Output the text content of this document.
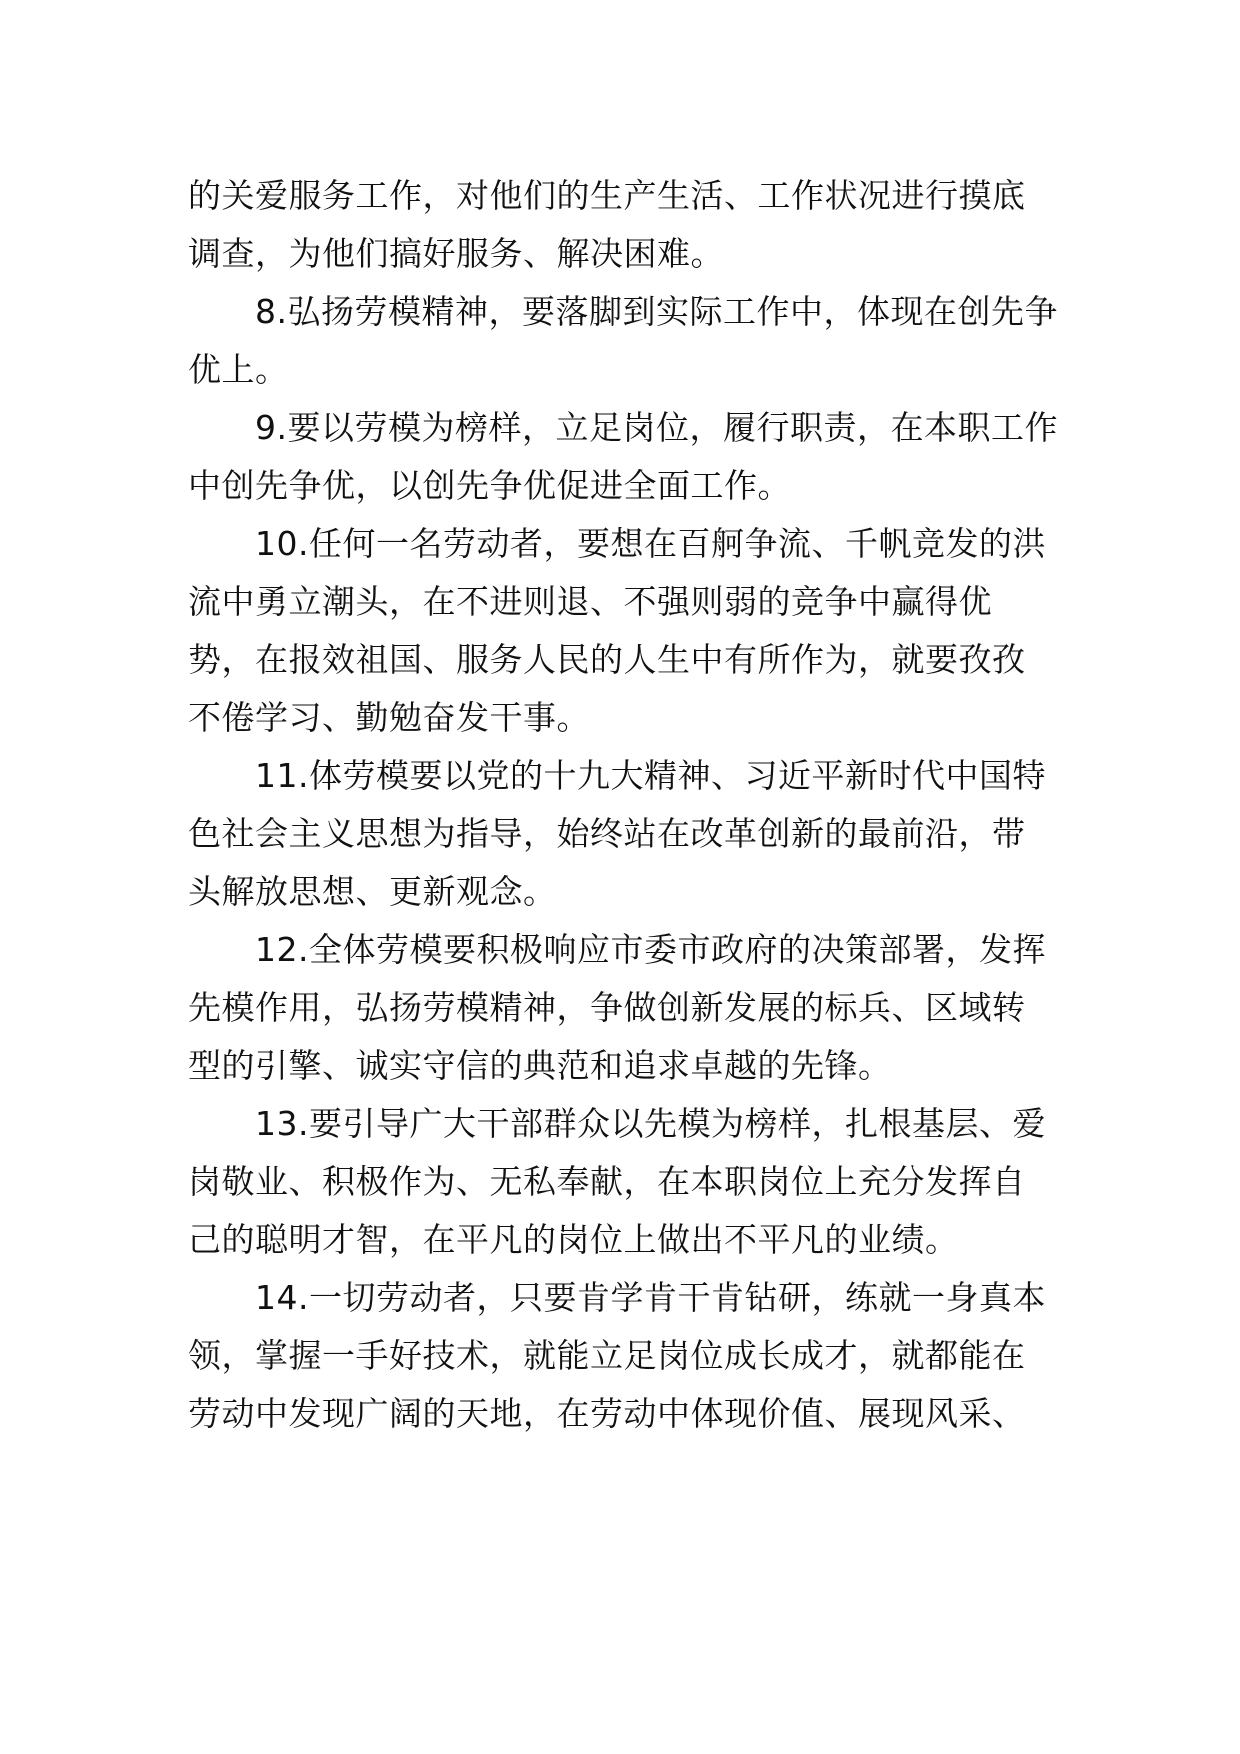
的关爱服务工作，对他们的生产生活、工作状况进行摸底
调查，为他们搞好服务、解决困难。
8.弘扬劳模精神，要落脚到实际工作中，体现在创先争
优上。
9.要以劳模为榜样，立足岗位，履行职责，在本职工作
中创先争优，以创先争优促进全面工作。
10.任何一名劳动者，要想在百舸争流、千帆竞发的洪
流中勇立潮头，在不进则退、不强则弱的竞争中赢得优
势，在报效祖国、服务人民的人生中有所作为，就要孜孜
不倦学习、勤勉奋发干事。
11.体劳模要以党的十九大精神、习近平新时代中国特
色社会主义思想为指导，始终站在改革创新的最前沿，带
头解放思想、更新观念。
12.全体劳模要积极响应市委市政府的决策部署，发挥
先模作用，弘扬劳模精神，争做创新发展的标兵、区域转
型的引擎、诚实守信的典范和追求卓越的先锋。
13.要引导广大干部群众以先模为榜样，扎根基层、爱
岗敬业、积极作为、无私奉献，在本职岗位上充分发挥自
己的聪明才智，在平凡的岗位上做出不平凡的业绩。
14.一切劳动者，只要肯学肯干肯钻研，练就一身真本
领，掌握一手好技术，就能立足岗位成长成才，就都能在
劳动中发现广阔的天地，在劳动中体现价值、展现风采、
